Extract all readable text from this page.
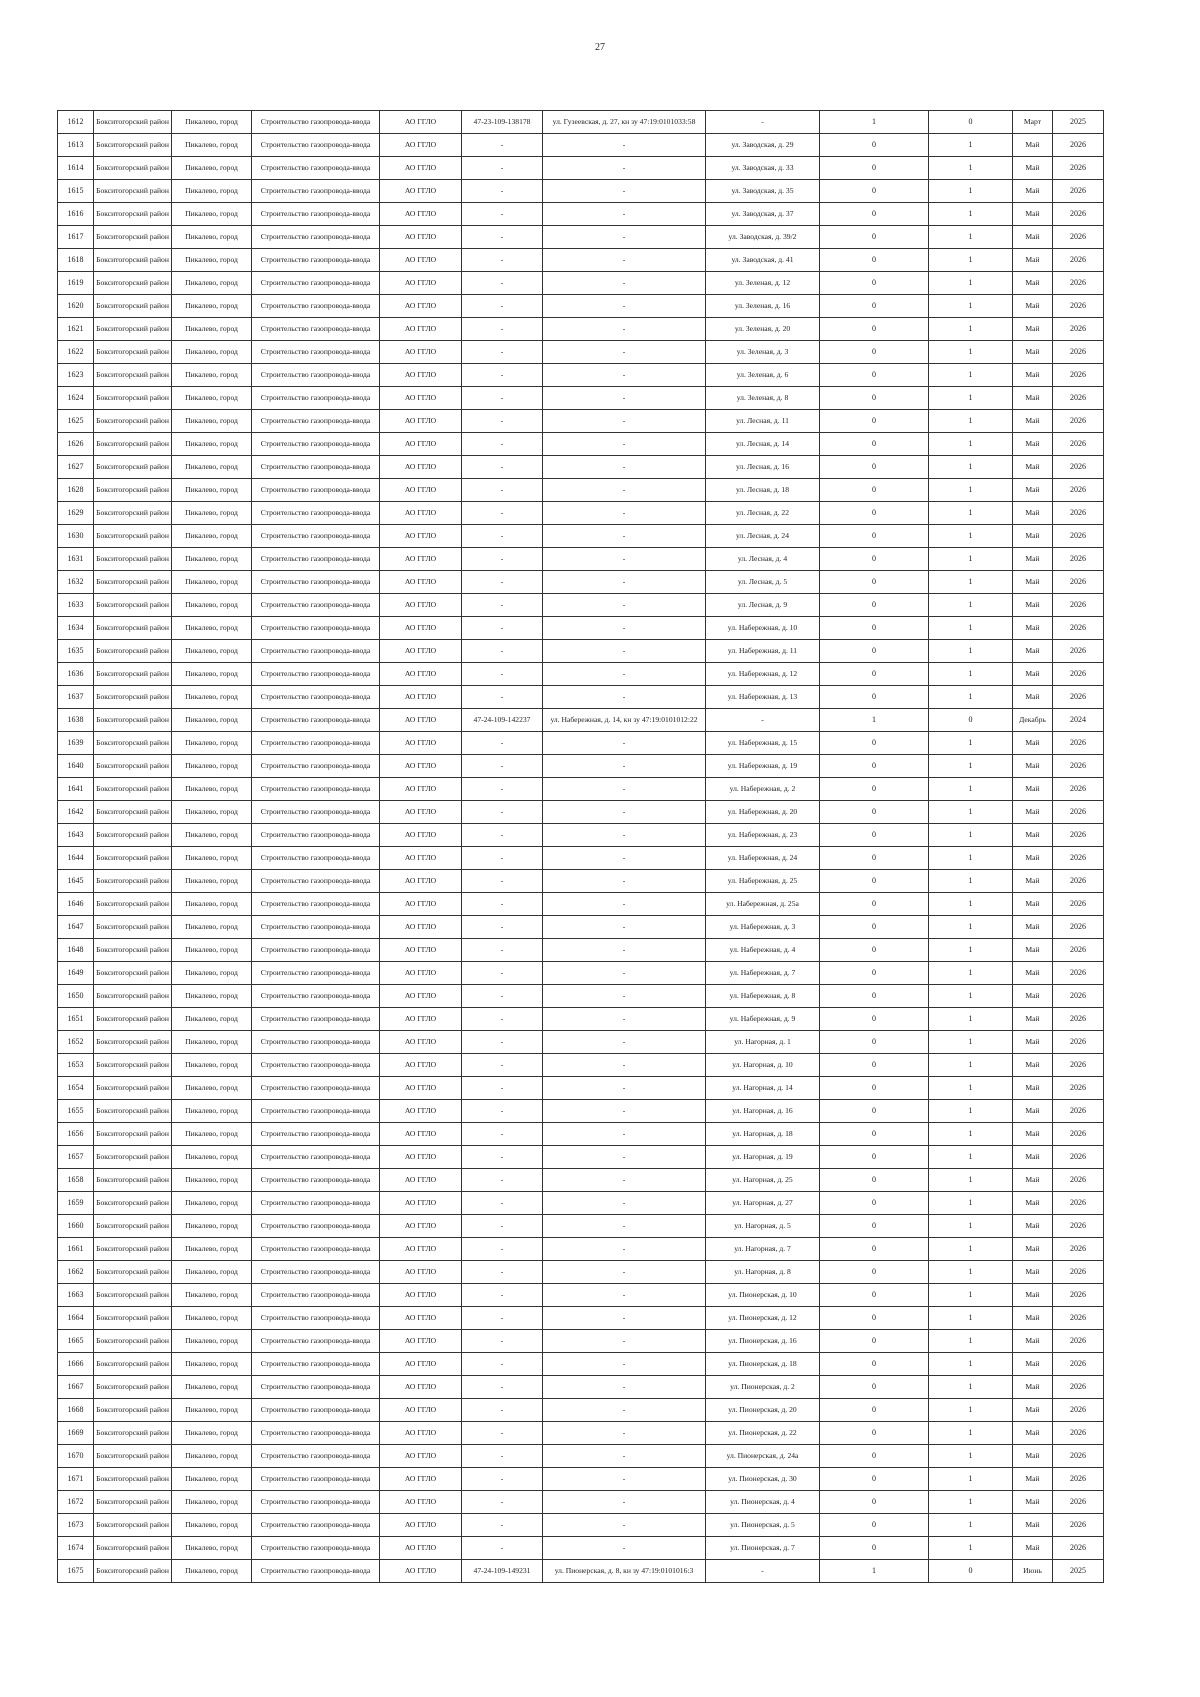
27
1612	Бокситогорский район	Пикалево, город	Строительство газопровода-ввода	АО ГГЛО	47-23-109-138178	ул. Гузеевская, д. 27, кн зу 47:19:0101033:58	-	1	0	Март	2025
1613	Бокситогорский район	Пикалево, город	Строительство газопровода-ввода	АО ГГЛО	-	-	ул. Заводская, д. 29	0	1	Май	2026
1614	Бокситогорский район	Пикалево, город	Строительство газопровода-ввода	АО ГГЛО	-	-	ул. Заводская, д. 33	0	1	Май	2026
1615	Бокситогорский район	Пикалево, город	Строительство газопровода-ввода	АО ГГЛО	-	-	ул. Заводская, д. 35	0	1	Май	2026
1616	Бокситогорский район	Пикалево, город	Строительство газопровода-ввода	АО ГГЛО	-	-	ул. Заводская, д. 37	0	1	Май	2026
1617	Бокситогорский район	Пикалево, город	Строительство газопровода-ввода	АО ГГЛО	-	-	ул. Заводская, д. 39/2	0	1	Май	2026
1618	Бокситогорский район	Пикалево, город	Строительство газопровода-ввода	АО ГГЛО	-	-	ул. Заводская, д. 41	0	1	Май	2026
1619	Бокситогорский район	Пикалево, город	Строительство газопровода-ввода	АО ГГЛО	-	-	ул. Зеленая, д. 12	0	1	Май	2026
1620	Бокситогорский район	Пикалево, город	Строительство газопровода-ввода	АО ГГЛО	-	-	ул. Зеленая, д. 16	0	1	Май	2026
1621	Бокситогорский район	Пикалево, город	Строительство газопровода-ввода	АО ГГЛО	-	-	ул. Зеленая, д. 20	0	1	Май	2026
1622	Бокситогорский район	Пикалево, город	Строительство газопровода-ввода	АО ГГЛО	-	-	ул. Зеленая, д. 3	0	1	Май	2026
1623	Бокситогорский район	Пикалево, город	Строительство газопровода-ввода	АО ГГЛО	-	-	ул. Зеленая, д. 6	0	1	Май	2026
1624	Бокситогорский район	Пикалево, город	Строительство газопровода-ввода	АО ГГЛО	-	-	ул. Зеленая, д. 8	0	1	Май	2026
1625	Бокситогорский район	Пикалево, город	Строительство газопровода-ввода	АО ГГЛО	-	-	ул. Лесная, д. 11	0	1	Май	2026
1626	Бокситогорский район	Пикалево, город	Строительство газопровода-ввода	АО ГГЛО	-	-	ул. Лесная, д. 14	0	1	Май	2026
1627	Бокситогорский район	Пикалево, город	Строительство газопровода-ввода	АО ГГЛО	-	-	ул. Лесная, д. 16	0	1	Май	2026
1628	Бокситогорский район	Пикалево, город	Строительство газопровода-ввода	АО ГГЛО	-	-	ул. Лесная, д. 18	0	1	Май	2026
1629	Бокситогорский район	Пикалево, город	Строительство газопровода-ввода	АО ГГЛО	-	-	ул. Лесная, д. 22	0	1	Май	2026
1630	Бокситогорский район	Пикалево, город	Строительство газопровода-ввода	АО ГГЛО	-	-	ул. Лесная, д. 24	0	1	Май	2026
1631	Бокситогорский район	Пикалево, город	Строительство газопровода-ввода	АО ГГЛО	-	-	ул. Лесная, д. 4	0	1	Май	2026
1632	Бокситогорский район	Пикалево, город	Строительство газопровода-ввода	АО ГГЛО	-	-	ул. Лесная, д. 5	0	1	Май	2026
1633	Бокситогорский район	Пикалево, город	Строительство газопровода-ввода	АО ГГЛО	-	-	ул. Лесная, д. 9	0	1	Май	2026
1634	Бокситогорский район	Пикалево, город	Строительство газопровода-ввода	АО ГГЛО	-	-	ул. Набережная, д. 10	0	1	Май	2026
1635	Бокситогорский район	Пикалево, город	Строительство газопровода-ввода	АО ГГЛО	-	-	ул. Набережная, д. 11	0	1	Май	2026
1636	Бокситогорский район	Пикалево, город	Строительство газопровода-ввода	АО ГГЛО	-	-	ул. Набережная, д. 12	0	1	Май	2026
1637	Бокситогорский район	Пикалево, город	Строительство газопровода-ввода	АО ГГЛО	-	-	ул. Набережная, д. 13	0	1	Май	2026
1638	Бокситогорский район	Пикалево, город	Строительство газопровода-ввода	АО ГГЛО	47-24-109-142237	ул. Набережная, д. 14, кн зу 47:19:0101012:22	-	1	0	Декабрь	2024
1639	Бокситогорский район	Пикалево, город	Строительство газопровода-ввода	АО ГГЛО	-	-	ул. Набережная, д. 15	0	1	Май	2026
1640	Бокситогорский район	Пикалево, город	Строительство газопровода-ввода	АО ГГЛО	-	-	ул. Набережная, д. 19	0	1	Май	2026
1641	Бокситогорский район	Пикалево, город	Строительство газопровода-ввода	АО ГГЛО	-	-	ул. Набережная, д. 2	0	1	Май	2026
1642	Бокситогорский район	Пикалево, город	Строительство газопровода-ввода	АО ГГЛО	-	-	ул. Набережная, д. 20	0	1	Май	2026
1643	Бокситогорский район	Пикалево, город	Строительство газопровода-ввода	АО ГГЛО	-	-	ул. Набережная, д. 23	0	1	Май	2026
1644	Бокситогорский район	Пикалево, город	Строительство газопровода-ввода	АО ГГЛО	-	-	ул. Набережная, д. 24	0	1	Май	2026
1645	Бокситогорский район	Пикалево, город	Строительство газопровода-ввода	АО ГГЛО	-	-	ул. Набережная, д. 25	0	1	Май	2026
1646	Бокситогорский район	Пикалево, город	Строительство газопровода-ввода	АО ГГЛО	-	-	ул. Набережная, д. 25а	0	1	Май	2026
1647	Бокситогорский район	Пикалево, город	Строительство газопровода-ввода	АО ГГЛО	-	-	ул. Набережная, д. 3	0	1	Май	2026
1648	Бокситогорский район	Пикалево, город	Строительство газопровода-ввода	АО ГГЛО	-	-	ул. Набережная, д. 4	0	1	Май	2026
1649	Бокситогорский район	Пикалево, город	Строительство газопровода-ввода	АО ГГЛО	-	-	ул. Набережная, д. 7	0	1	Май	2026
1650	Бокситогорский район	Пикалево, город	Строительство газопровода-ввода	АО ГГЛО	-	-	ул. Набережная, д. 8	0	1	Май	2026
1651	Бокситогорский район	Пикалево, город	Строительство газопровода-ввода	АО ГГЛО	-	-	ул. Набережная, д. 9	0	1	Май	2026
1652	Бокситогорский район	Пикалево, город	Строительство газопровода-ввода	АО ГГЛО	-	-	ул. Нагорная, д. 1	0	1	Май	2026
1653	Бокситогорский район	Пикалево, город	Строительство газопровода-ввода	АО ГГЛО	-	-	ул. Нагорная, д. 10	0	1	Май	2026
1654	Бокситогорский район	Пикалево, город	Строительство газопровода-ввода	АО ГГЛО	-	-	ул. Нагорная, д. 14	0	1	Май	2026
1655	Бокситогорский район	Пикалево, город	Строительство газопровода-ввода	АО ГГЛО	-	-	ул. Нагорная, д. 16	0	1	Май	2026
1656	Бокситогорский район	Пикалево, город	Строительство газопровода-ввода	АО ГГЛО	-	-	ул. Нагорная, д. 18	0	1	Май	2026
1657	Бокситогорский район	Пикалево, город	Строительство газопровода-ввода	АО ГГЛО	-	-	ул. Нагорная, д. 19	0	1	Май	2026
1658	Бокситогорский район	Пикалево, город	Строительство газопровода-ввода	АО ГГЛО	-	-	ул. Нагорная, д. 25	0	1	Май	2026
1659	Бокситогорский район	Пикалево, город	Строительство газопровода-ввода	АО ГГЛО	-	-	ул. Нагорная, д. 27	0	1	Май	2026
1660	Бокситогорский район	Пикалево, город	Строительство газопровода-ввода	АО ГГЛО	-	-	ул. Нагорная, д. 5	0	1	Май	2026
1661	Бокситогорский район	Пикалево, город	Строительство газопровода-ввода	АО ГГЛО	-	-	ул. Нагорная, д. 7	0	1	Май	2026
1662	Бокситогорский район	Пикалево, город	Строительство газопровода-ввода	АО ГГЛО	-	-	ул. Нагорная, д. 8	0	1	Май	2026
1663	Бокситогорский район	Пикалево, город	Строительство газопровода-ввода	АО ГГЛО	-	-	ул. Пионерская, д. 10	0	1	Май	2026
1664	Бокситогорский район	Пикалево, город	Строительство газопровода-ввода	АО ГГЛО	-	-	ул. Пионерская, д. 12	0	1	Май	2026
1665	Бокситогорский район	Пикалево, город	Строительство газопровода-ввода	АО ГГЛО	-	-	ул. Пионерская, д. 16	0	1	Май	2026
1666	Бокситогорский район	Пикалево, город	Строительство газопровода-ввода	АО ГГЛО	-	-	ул. Пионерская, д. 18	0	1	Май	2026
1667	Бокситогорский район	Пикалево, город	Строительство газопровода-ввода	АО ГГЛО	-	-	ул. Пионерская, д. 2	0	1	Май	2026
1668	Бокситогорский район	Пикалево, город	Строительство газопровода-ввода	АО ГГЛО	-	-	ул. Пионерская, д. 20	0	1	Май	2026
1669	Бокситогорский район	Пикалево, город	Строительство газопровода-ввода	АО ГГЛО	-	-	ул. Пионерская, д. 22	0	1	Май	2026
1670	Бокситогорский район	Пикалево, город	Строительство газопровода-ввода	АО ГГЛО	-	-	ул. Пионерская, д. 24а	0	1	Май	2026
1671	Бокситогорский район	Пикалево, город	Строительство газопровода-ввода	АО ГГЛО	-	-	ул. Пионерская, д. 30	0	1	Май	2026
1672	Бокситогорский район	Пикалево, город	Строительство газопровода-ввода	АО ГГЛО	-	-	ул. Пионерская, д. 4	0	1	Май	2026
1673	Бокситогорский район	Пикалево, город	Строительство газопровода-ввода	АО ГГЛО	-	-	ул. Пионерская, д. 5	0	1	Май	2026
1674	Бокситогорский район	Пикалево, город	Строительство газопровода-ввода	АО ГГЛО	-	-	ул. Пионерская, д. 7	0	1	Май	2026
1675	Бокситогорский район	Пикалево, город	Строительство газопровода-ввода	АО ГГЛО	47-24-109-149231	ул. Пионерская, д. 8, кн зу 47:19:0101016:3	-	1	0	Июнь	2025
